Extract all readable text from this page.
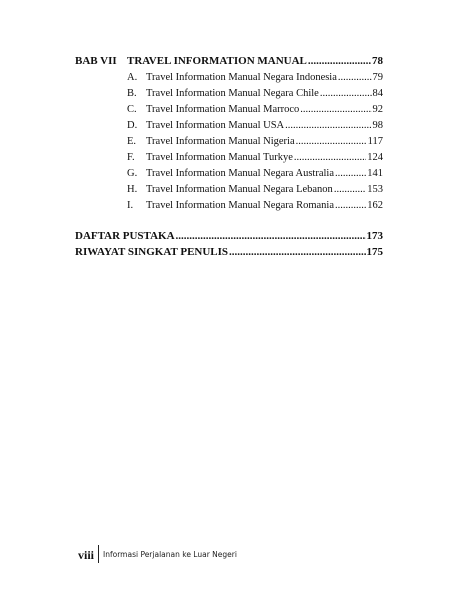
BAB VII TRAVEL INFORMATION MANUAL .....	78
A. Travel Information Manual Negara Indonesia .....	79
B. Travel Information Manual Negara Chile .....	84
C. Travel Information Manual Marroco .....	92
D. Travel Information Manual USA .....	98
E. Travel Information Manual Nigeria .....	117
F.	Travel Information Manual Turkye .....	124
G. Travel Information Manual Negara Australia .....	141
H. Travel Information Manual Negara Lebanon .....	153
I.	Travel Information Manual Negara Romania .....	162
DAFTAR PUSTAKA .....	173
RIWAYAT SINGKAT PENULIS .....	175
viii	Informasi Perjalanan ke Luar Negeri
